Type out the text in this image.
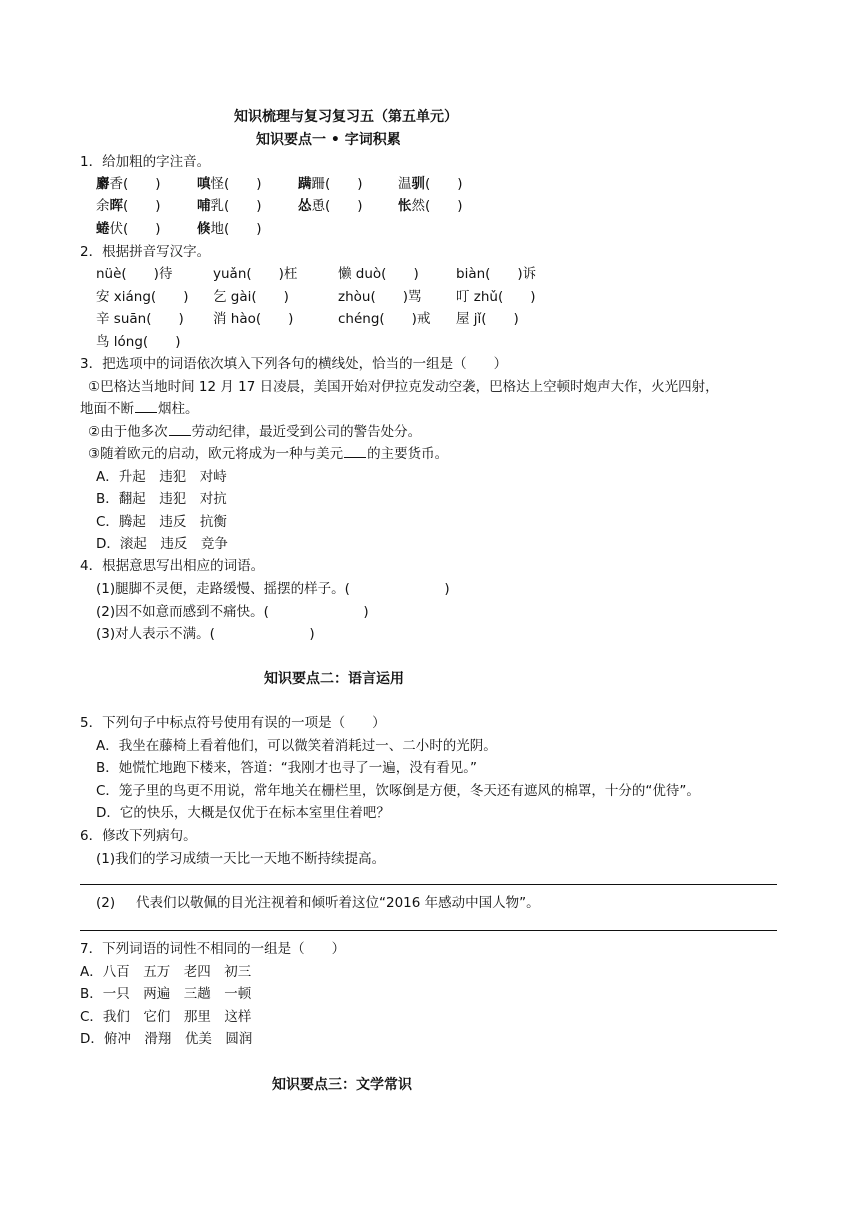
知识梳理与复习复习五（第五单元）
知识要点一 • 字词积累
1．给加粗的字注音。
麝香(　　)	嗔怪(　　)	蹒跚(　　)	温驯(　　)
余晖(　　)	哺乳(　　)	怂恿(　　)	怅然(　　)
蜷伏(　　)	倏地(　　)
2．根据拼音写汉字。
nüè(　　)待	yuǎn(　　)枉	懒 duò(　　)	biàn(　　)诉
安 xiáng(　　) 乞 gài(　　)	zhòu(　　)骂	叮 zhǔ(　　)
辛 suān(　　) 消 hào(　　)	chéng(　　)戒 屋 jǐ(　　)
鸟 lóng(　　)
3．把选项中的词语依次填入下列各句的横线处，恰当的一组是（　　）
①巴格达当地时间 12 月 17 日凌晨，美国开始对伊拉克发动空袭，巴格达上空顿时炮声大作，火光四射，
地面不断 烟柱。
②由于他多次 劳动纪律，最近受到公司的警告处分。
③随着欧元的启动，欧元将成为一种与美元 的主要货币。
A．升起　违犯　对峙
B．翻起　违犯　对抗
C．腾起　违反　抗衡
D．滚起　违反　竞争
4．根据意思写出相应的词语。
(1)腿脚不灵便，走路缓慢、摇摆的样子。(　　　　　　　)
(2)因不如意而感到不痛快。(　　　　　　　)
(3)对人表示不满。(　　　　　　　)
知识要点二：语言运用
5．下列句子中标点符号使用有误的一项是（　　）
A．我坐在藤椅上看着他们，可以微笑着消耗过一、二小时的光阴。
B．她慌忙地跑下楼来，答道：“我刚才也寻了一遍，没有看见。”
C．笼子里的鸟更不用说，常年地关在栅栏里，饮啄倒是方便，冬天还有遮风的棉罩，十分的“优待”。
D．它的快乐，大概是仅优于在标本室里住着吧？
6．修改下列病句。
(1)我们的学习成绩一天比一天地不断持续提高。
(2) 代表们以敬佩的目光注视着和倾听着这位“2016 年感动中国人物”。
7．下列词语的词性不相同的一组是（　　）
A．八百　五万　老四　初三
B．一只　两遍　三趟　一顿
C．我们　它们　那里　这样
D．俯冲　滑翔　优美　圆润
知识要点三：文学常识
